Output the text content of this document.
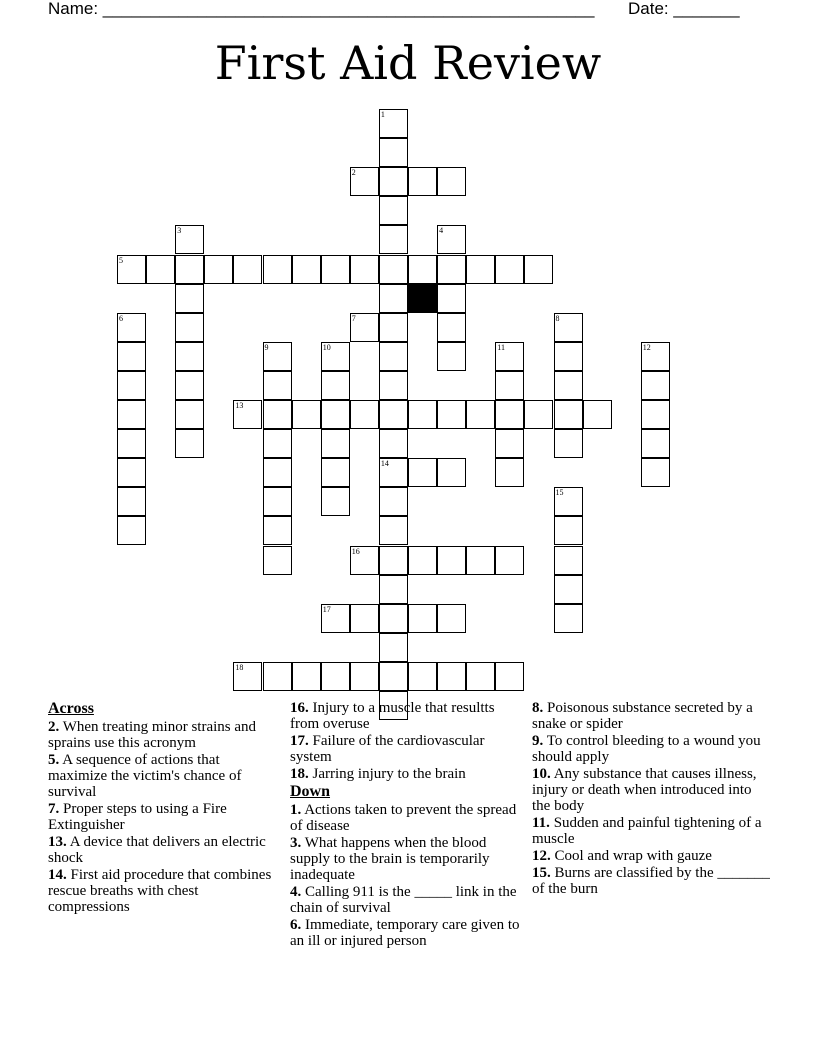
Name: ____________________________________________________ Date: _______
First Aid Review
1
14
2
3	4
5
6	7	8
9	10	11	12
13
15
16
17
18
Across
2. When treating minor strains and sprains use this acronym
5. A sequence of actions that maximize the victim's chance of survival
7. Proper steps to using a Fire Extinguisher
13. A device that delivers an electric shock
14. First aid procedure that combines rescue breaths with chest compressions
16. Injury to a muscle that resultts from overuse
17. Failure of the cardiovascular system
18. Jarring injury to the brain
Down
1. Actions taken to prevent the spread of disease
3. What happens when the blood supply to the brain is temporarily inadequate
4. Calling 911 is the _____ link in the chain of survival
6. Immediate, temporary care given to an ill or injured person
8. Poisonous substance secreted by a snake or spider
9. To control bleeding to a wound you should apply
10. Any substance that causes illness, injury or death when introduced into the body
11. Sudden and painful tightening of a muscle
12. Cool and wrap with gauze
15. Burns are classified by the _______ of the burn
